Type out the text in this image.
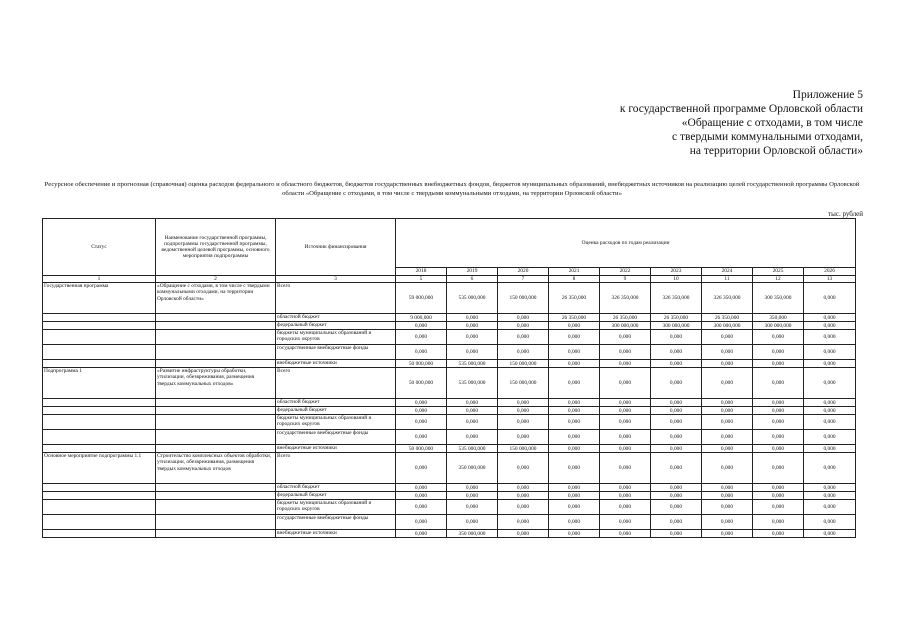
Приложение 5
к государственной программе Орловской области
«Обращение с отходами, в том числе
с твердыми коммунальными отходами,
на территории Орловской области»
Ресурсное обеспечение и прогнозная (справочная) оценка расходов федерального и областного бюджетов, бюджетов государственных внебюджетных фондов, бюджетов муниципальных образований, внебюджетных источников на реализацию целей государственной программы Орловской области «Обращение с отходами, в том числе с твердыми коммунальными отходами, на территории Орловской области»
тыс. рублей
Статус	Наименование государственной программы, подпрограммы государственной программы, ведомственной целевой программы, основного мероприятия подпрограммы	Источник финансирования	Оценка расходов по годам реализации								
			2018	2019	2020	2021	2022	2023	2024	2025	2026
1	2	3	5	6	7	8	9	10	11	12	13
Государственная программа	«Обращение с отходами, в том числе с твердыми коммунальными отходами, на территории Орловской области»	Всего	59 000,000	535 000,000	150 000,000	26 350,000	326 350,000	326 350,000	326 350,000	300 350,000	0,000
		областной бюджет	9 000,000	0,000	0,000	26 350,000	26 350,000	26 350,000	26 350,000	350,000	0,000
		федеральный бюджет	0,000	0,000	0,000	0,000	300 000,000	300 000,000	300 000,000	300 000,000	0,000
		бюджеты муниципальных образований и городских округов	0,000	0,000	0,000	0,000	0,000	0,000	0,000	0,000	0,000
		государственные внебюджетные фонды	0,000	0,000	0,000	0,000	0,000	0,000	0,000	0,000	0,000
		внебюджетные источники	50 000,000	535 000,000	150 000,000	0,000	0,000	0,000	0,000	0,000	0,000
Подпрограмма 1	«Развитие инфраструктуры обработки, утилизации, обезвреживания, размещения твердых коммунальных отходов»	Всего	50 000,000	535 000,000	150 000,000	0,000	0,000	0,000	0,000	0,000	0,000
		областной бюджет	0,000	0,000	0,000	0,000	0,000	0,000	0,000	0,000	0,000
		федеральный бюджет	0,000	0,000	0,000	0,000	0,000	0,000	0,000	0,000	0,000
		бюджеты муниципальных образований и городских округов	0,000	0,000	0,000	0,000	0,000	0,000	0,000	0,000	0,000
		государственные внебюджетные фонды	0,000	0,000	0,000	0,000	0,000	0,000	0,000	0,000	0,000
		внебюджетные источники	50 000,000	535 000,000	150 000,000	0,000	0,000	0,000	0,000	0,000	0,000
Основное мероприятие подпрограммы 1.1	Строительство комплексных объектов обработки, утилизации, обезвреживания, размещения твердых коммунальных отходов	Всего	0,000	350 000,000	0,000	0,000	0,000	0,000	0,000	0,000	0,000
		областной бюджет	0,000	0,000	0,000	0,000	0,000	0,000	0,000	0,000	0,000
		федеральный бюджет	0,000	0,000	0,000	0,000	0,000	0,000	0,000	0,000	0,000
		бюджеты муниципальных образований и городских округов	0,000	0,000	0,000	0,000	0,000	0,000	0,000	0,000	0,000
		государственные внебюджетные фонды	0,000	0,000	0,000	0,000	0,000	0,000	0,000	0,000	0,000
		внебюджетные источники	0,000	350 000,000	0,000	0,000	0,000	0,000	0,000	0,000	0,000
